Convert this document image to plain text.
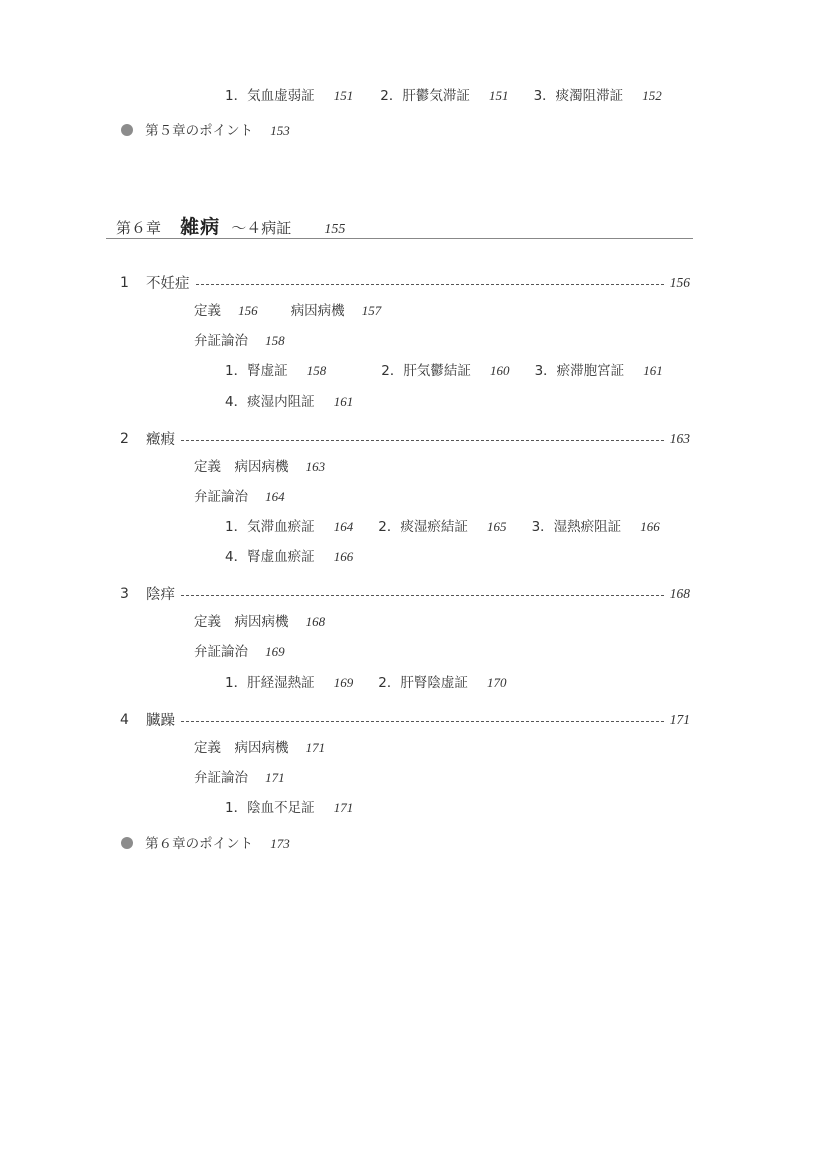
1．気血虚弱証 151 2．肝鬱気滞証 151 3．痰濁阻滞証 152
第５章のポイント 153
第６章 雑病 ～４病証 155
1	不妊症	156
定義 156 病因病機 157
弁証論治 158
1．腎虚証 158	2．肝気鬱結証 160 3．瘀滞胞宮証 161
4．痰湿内阻証 161
2	癥瘕	163
定義　病因病機 163
弁証論治 164
1．気滞血瘀証 164 2．痰湿瘀結証 165 3．湿熱瘀阻証 166
4．腎虚血瘀証 166
3	陰痒	168
定義　病因病機 168
弁証論治 169
1．肝経湿熱証 169 2．肝腎陰虚証 170
4	臓躁	171
定義　病因病機 171
弁証論治 171
1．陰血不足証 171
第６章のポイント 173
